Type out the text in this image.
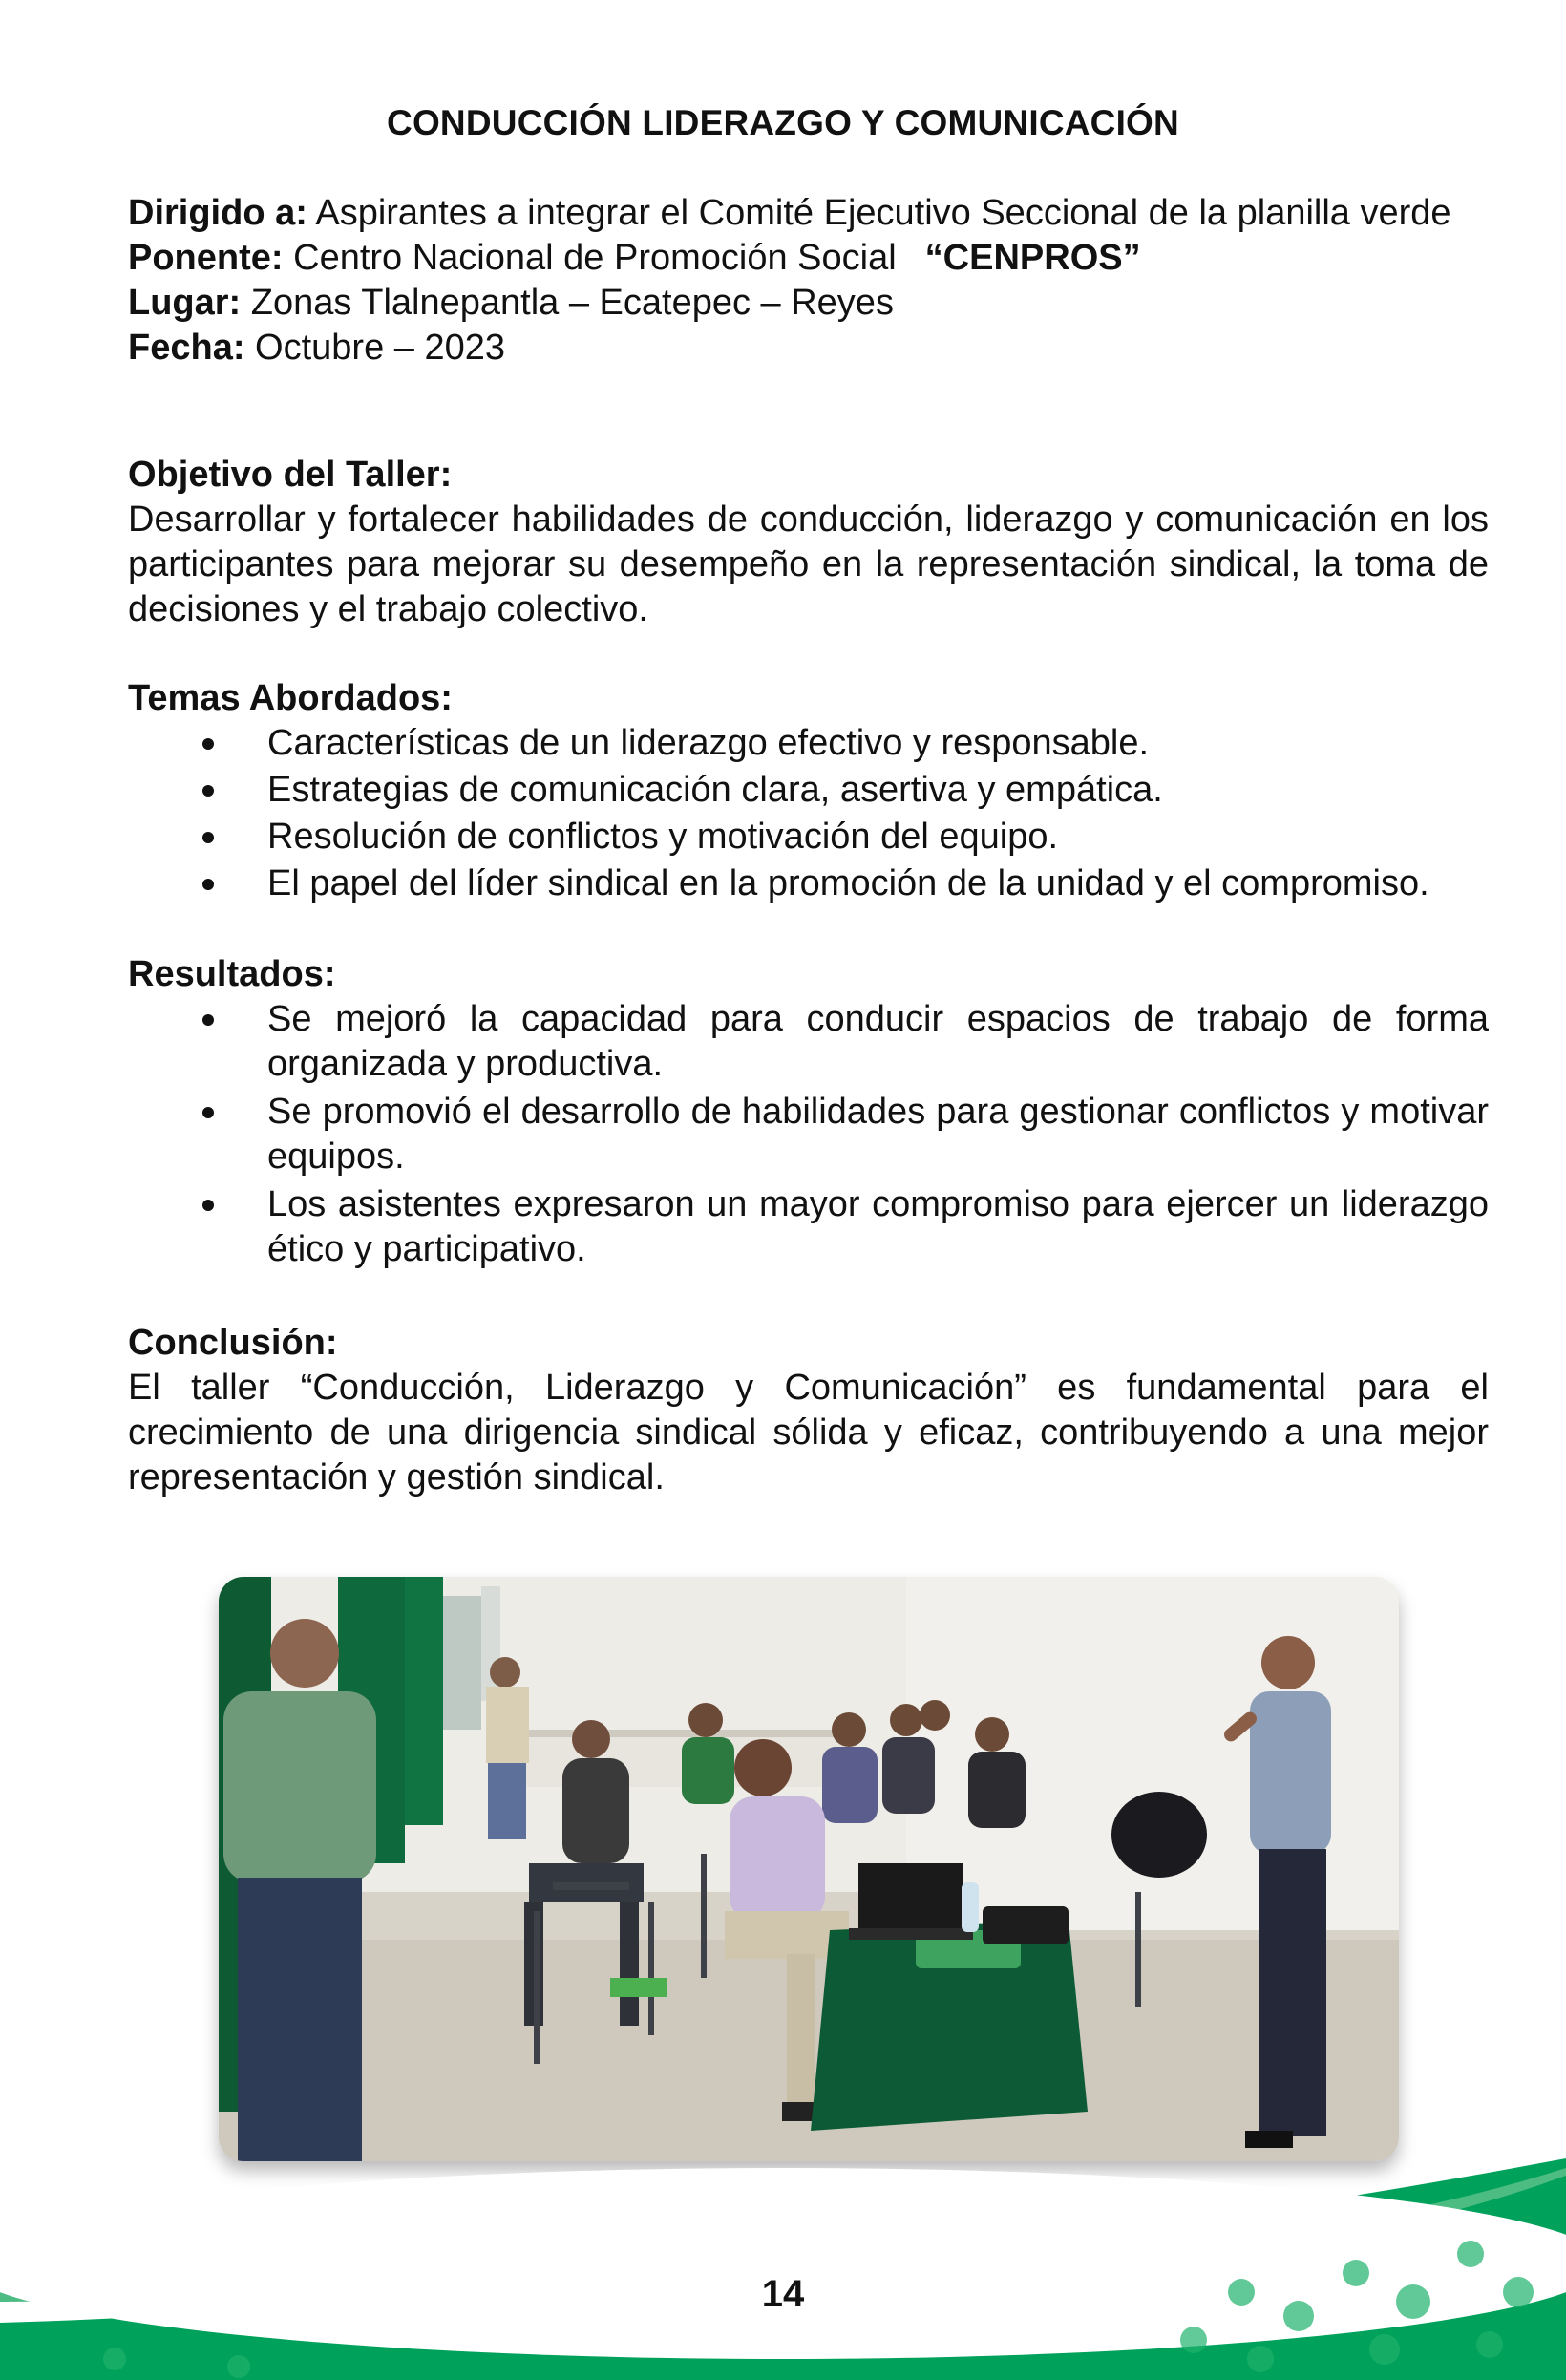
CONDUCCIÓN LIDERAZGO Y COMUNICACIÓN
Dirigido a: Aspirantes a integrar el Comité Ejecutivo Seccional de la planilla verde
Ponente: Centro Nacional de Promoción Social “CENPROS”
Lugar: Zonas Tlalnepantla – Ecatepec – Reyes
Fecha: Octubre – 2023
Objetivo del Taller:
Desarrollar y fortalecer habilidades de conducción, liderazgo y comunicación en los participantes para mejorar su desempeño en la representación sindical, la toma de decisiones y el trabajo colectivo.
Temas Abordados:
Características de un liderazgo efectivo y responsable.
Estrategias de comunicación clara, asertiva y empática.
Resolución de conflictos y motivación del equipo.
El papel del líder sindical en la promoción de la unidad y el compromiso.
Resultados:
Se mejoró la capacidad para conducir espacios de trabajo de forma organizada y productiva.
Se promovió el desarrollo de habilidades para gestionar conflictos y motivar equipos.
Los asistentes expresaron un mayor compromiso para ejercer un liderazgo ético y participativo.
Conclusión:
El taller “Conducción, Liderazgo y Comunicación” es fundamental para el crecimiento de una dirigencia sindical sólida y eficaz, contribuyendo a una mejor representación y gestión sindical.
14
